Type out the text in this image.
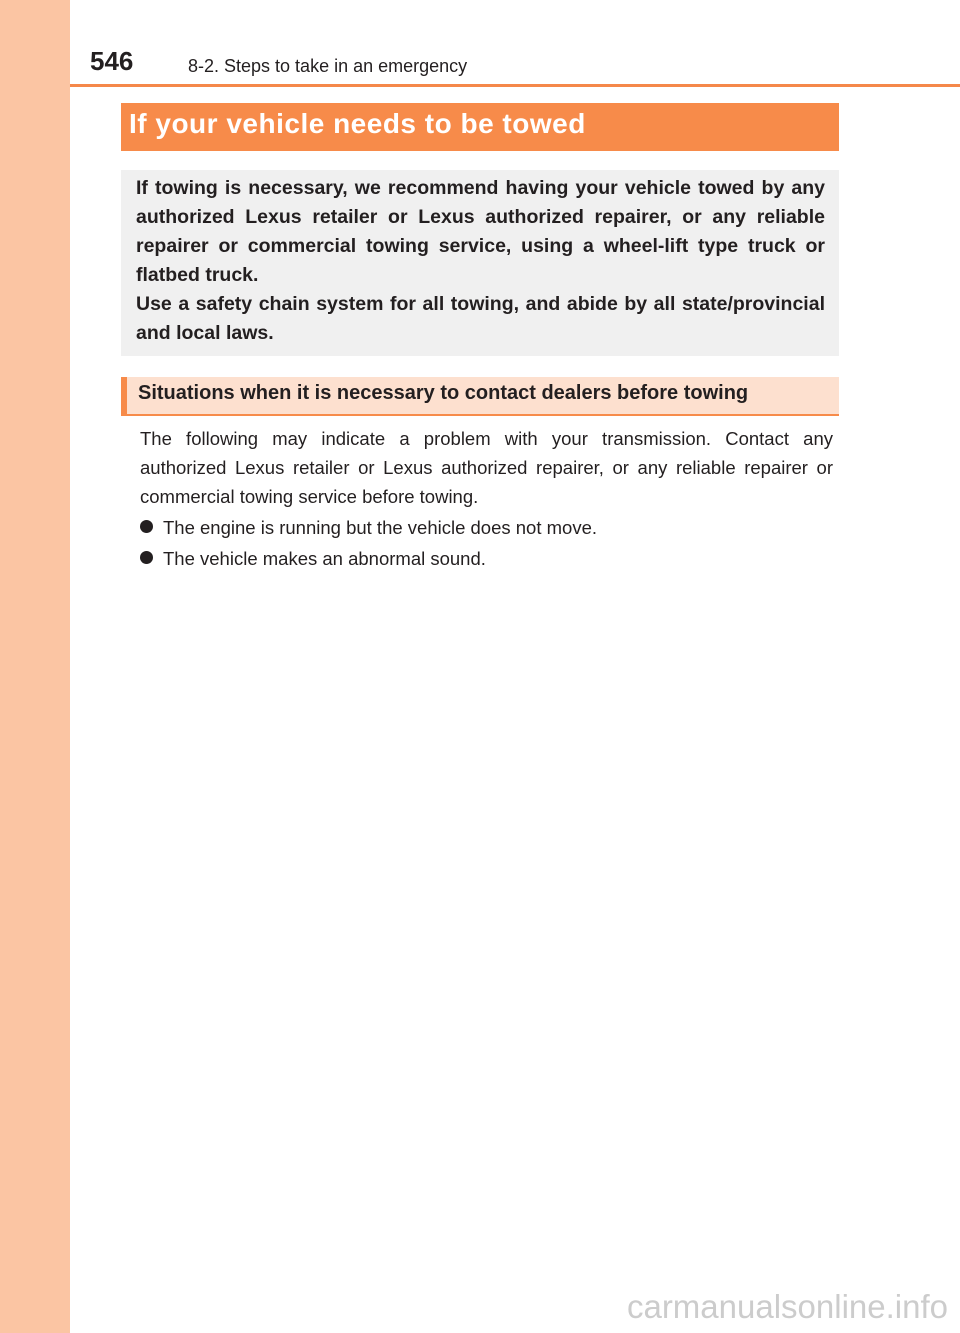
546	8-2. Steps to take in an emergency
If your vehicle needs to be towed

If towing is necessary, we recommend having your vehicle towed by any authorized Lexus retailer or Lexus authorized repairer, or any reliable repairer or commercial towing service, using a wheel-lift type truck or flatbed truck.

Use a safety chain system for all towing, and abide by all state/provincial and local laws.

Situations when it is necessary to contact dealers before towing
The following may indicate a problem with your transmission. Contact any authorized Lexus retailer or Lexus authorized repairer, or any reliable repairer or commercial towing service before towing.
The engine is running but the vehicle does not move.
The vehicle makes an abnormal sound.
carmanualsonline.info
